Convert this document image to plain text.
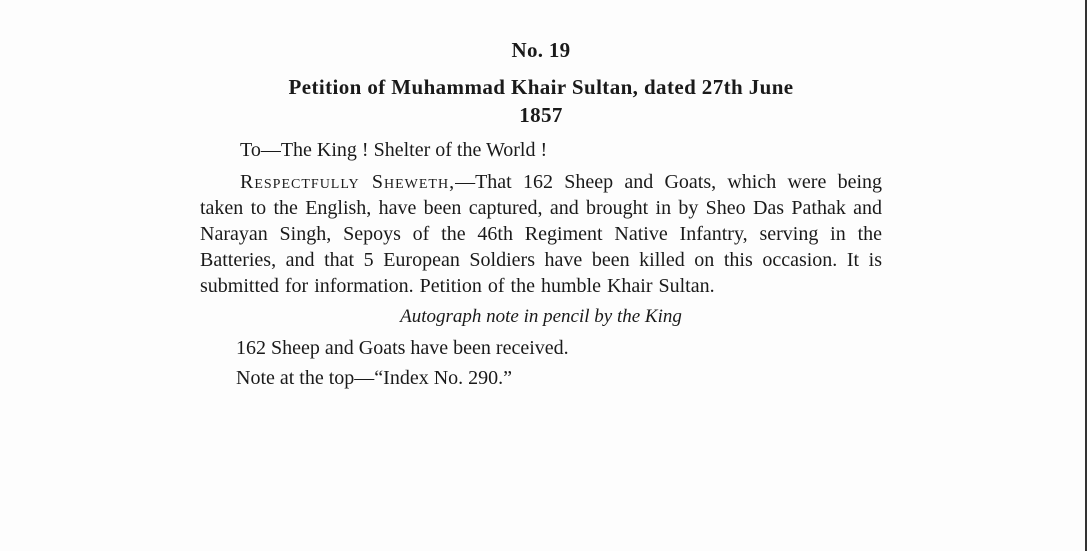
No. 19
Petition of Muhammad Khair Sultan, dated 27th June
1857

To—The King ! Shelter of the World !

Respectfully Sheweth,—That 162 Sheep and Goats, which were being taken to the English, have been captured, and brought in by Sheo Das Pathak and Narayan Singh, Sepoys of the 46th Regiment Native Infantry, serving in the Batteries, and that 5 European Soldiers have been killed on this occasion. It is submitted for information. Petition of the humble Khair Sultan.

Autograph note in pencil by the King

162 Sheep and Goats have been received.

Note at the top—“Index No. 290.”
